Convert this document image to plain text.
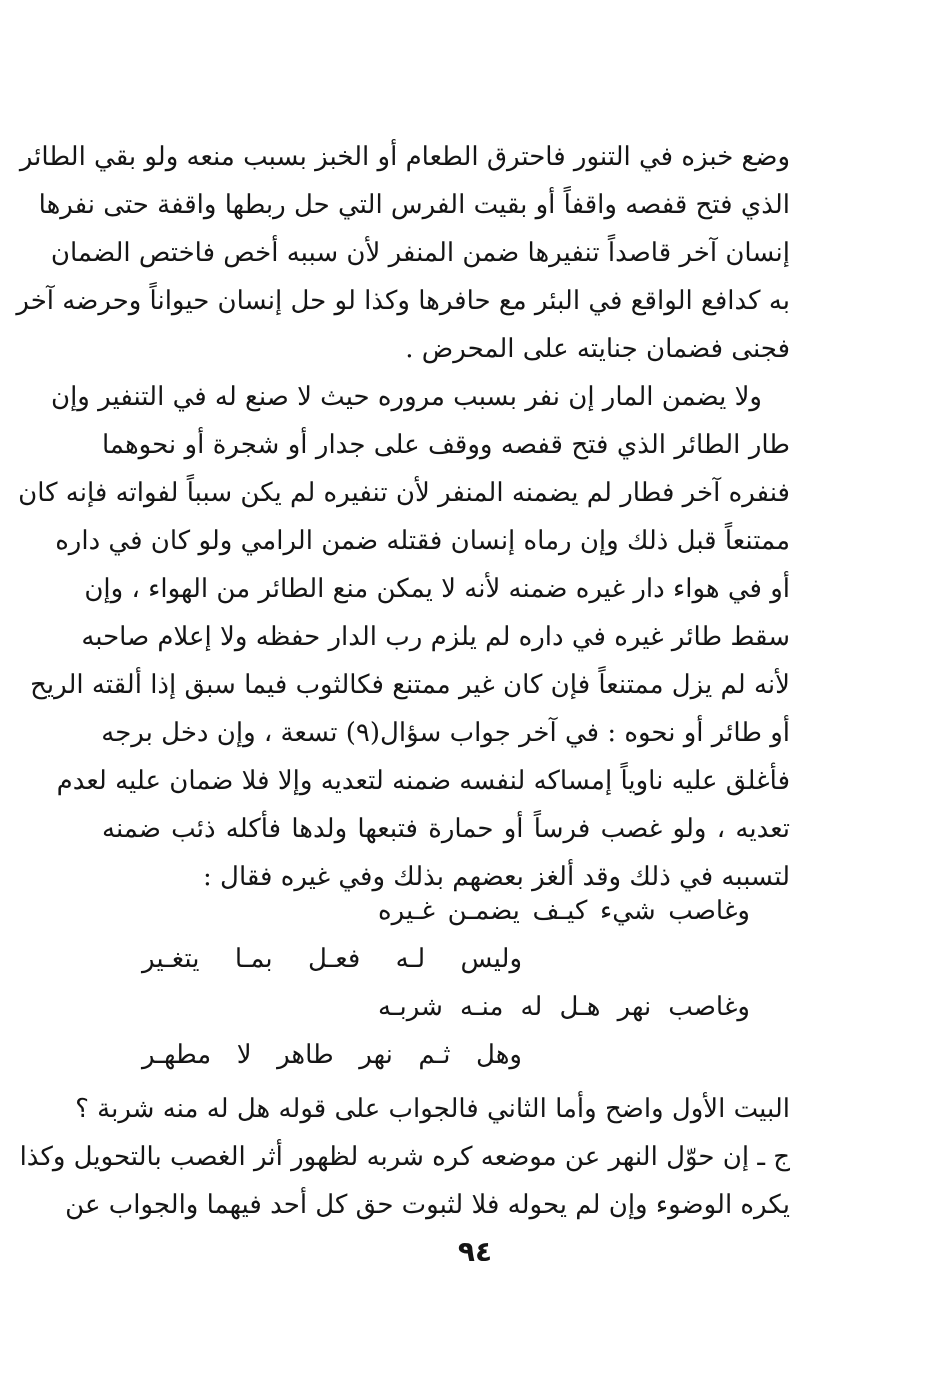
وضع خبزه في التنور فاحترق الطعام أو الخبز بسبب منعه ولو بقي الطائر
الذي فتح قفصه واقفاً أو بقيت الفرس التي حل ربطها واقفة حتى نفرها
إنسان آخر قاصداً تنفيرها ضمن المنفر لأن سببه أخص فاختص الضمان
به كدافع الواقع في البئر مع حافرها وكذا لو حل إنسان حيواناً وحرضه آخر
فجنى فضمان جنايته على المحرض .
ولا يضمن المار إن نفر بسبب مروره حيث لا صنع له في التنفير وإن
طار الطائر الذي فتح قفصه ووقف على جدار أو شجرة أو نحوهما
فنفره آخر فطار لم يضمنه المنفر لأن تنفيره لم يكن سبباً لفواته فإنه كان
ممتنعاً قبل ذلك وإن رماه إنسان فقتله ضمن الرامي ولو كان في داره
أو في هواء دار غيره ضمنه لأنه لا يمكن منع الطائر من الهواء ، وإن
سقط طائر غيره في داره لم يلزم رب الدار حفظه ولا إعلام صاحبه
لأنه لم يزل ممتنعاً فإن كان غير ممتنع فكالثوب فيما سبق إذا ألقته الريح
أو طائر أو نحوه : في آخر جواب سؤال(٩) تسعة ، وإن دخل برجه
فأغلق عليه ناوياً إمساكه لنفسه ضمنه لتعديه وإلا فلا ضمان عليه لعدم
تعديه ، ولو غصب فرساً أو حمارة فتبعها ولدها فأكله ذئب ضمنه
لتسببه في ذلك وقد ألغز بعضهم بذلك وفي غيره فقال :
وغاصب شيء كيـف يضمـن غـيره
وليس لـه فعـل بمـا يتغـير
وغاصب نهر هـل له منـه شربـه
وهل ثـم نهر طاهر لا مطهـر
البيت الأول واضح وأما الثاني فالجواب على قوله هل له منه شربة ؟
ج ـ إن حوّل النهر عن موضعه كره شربه لظهور أثر الغصب بالتحويل وكذا
يكره الوضوء وإن لم يحوله فلا لثبوت حق كل أحد فيهما والجواب عن
٩٤
